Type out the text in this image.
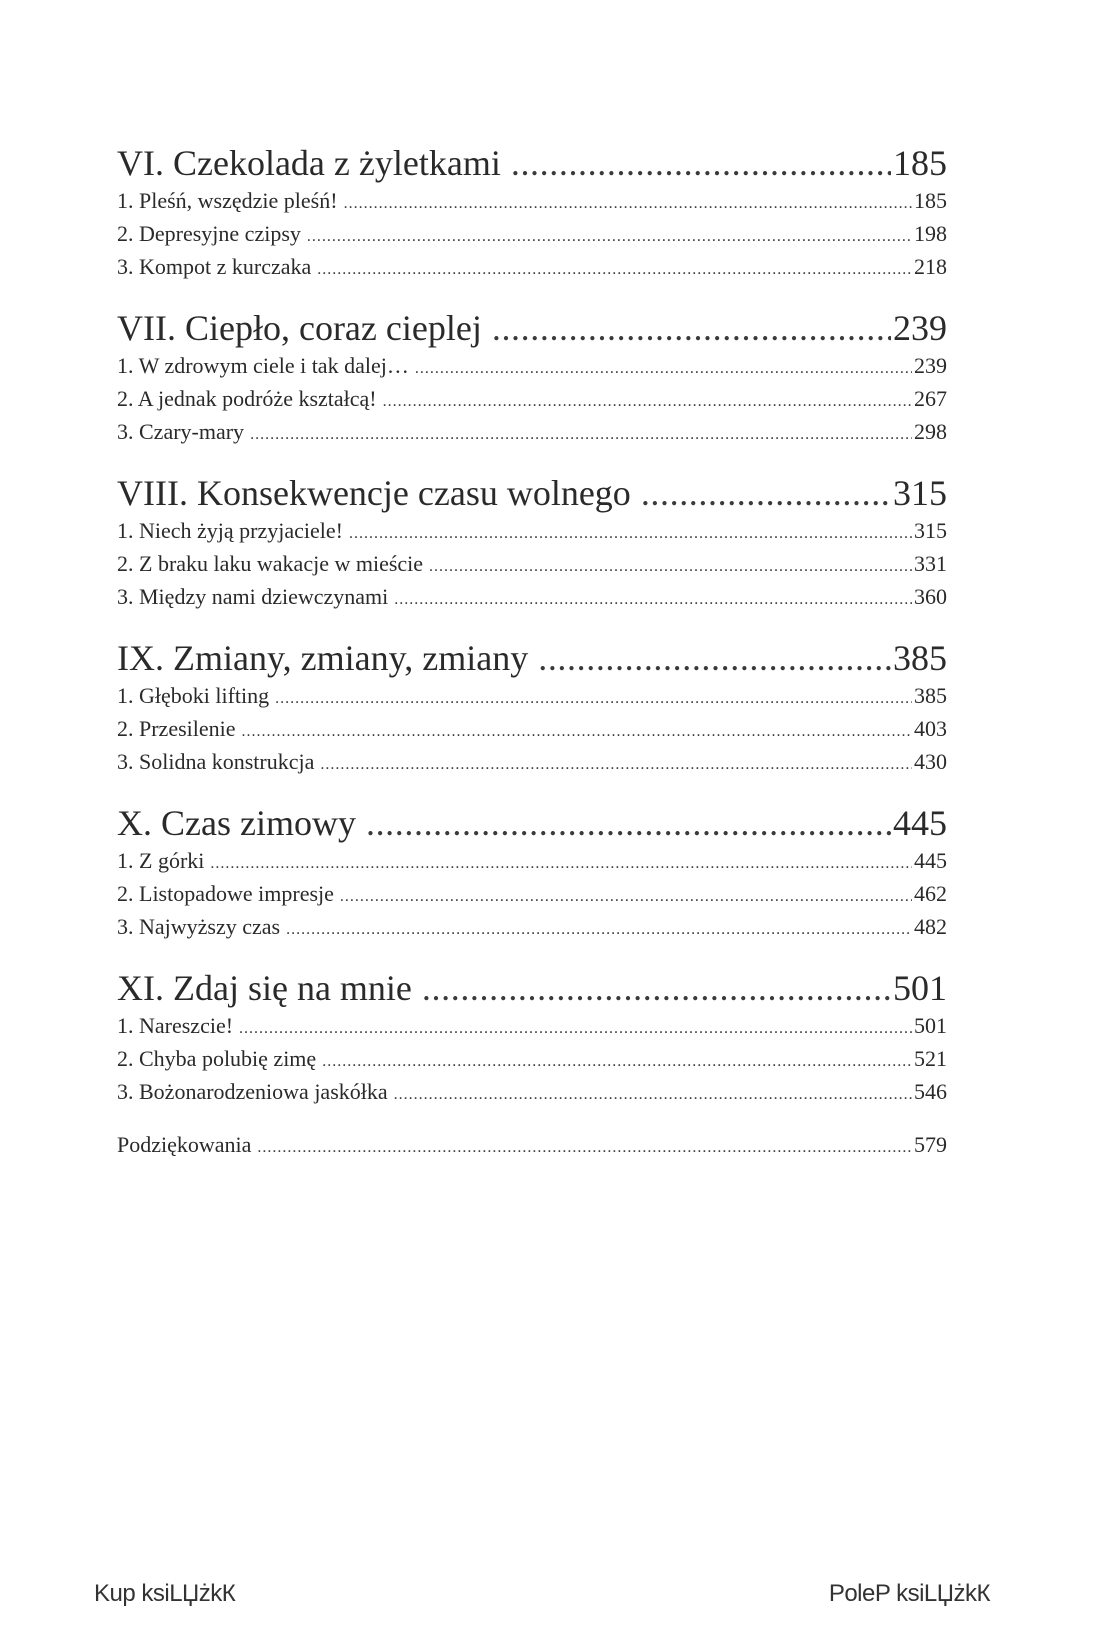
VI. Czekolada z żyletkami .....	185
1. Pleśń, wszędzie pleśń! .....	185
2. Depresyjne czipsy .....	198
3. Kompot z kurczaka .....	218
VII. Ciepło, coraz cieplej .....	239
1. W zdrowym ciele i tak dalej… .....	239
2. A jednak podróże kształcą! .....	267
3. Czary-mary .....	298
VIII. Konsekwencje czasu wolnego .....	315
1. Niech żyją przyjaciele! .....	315
2. Z braku laku wakacje w mieście .....	331
3. Między nami dziewczynami .....	360
IX. Zmiany, zmiany, zmiany .....	385
1. Głęboki lifting .....	385
2. Przesilenie .....	403
3. Solidna konstrukcja .....	430
X. Czas zimowy .....	445
1. Z górki .....	445
2. Listopadowe impresje .....	462
3. Najwyższy czas .....	482
XI. Zdaj się na mnie .....	501
1. Nareszcie! .....	501
2. Chyba polubię zimę .....	521
3. Bożonarodzeniowa jaskółka .....	546
Podziękowania .....	579
Kup ksiLЏżkК	PoleP ksiLЏżkК
